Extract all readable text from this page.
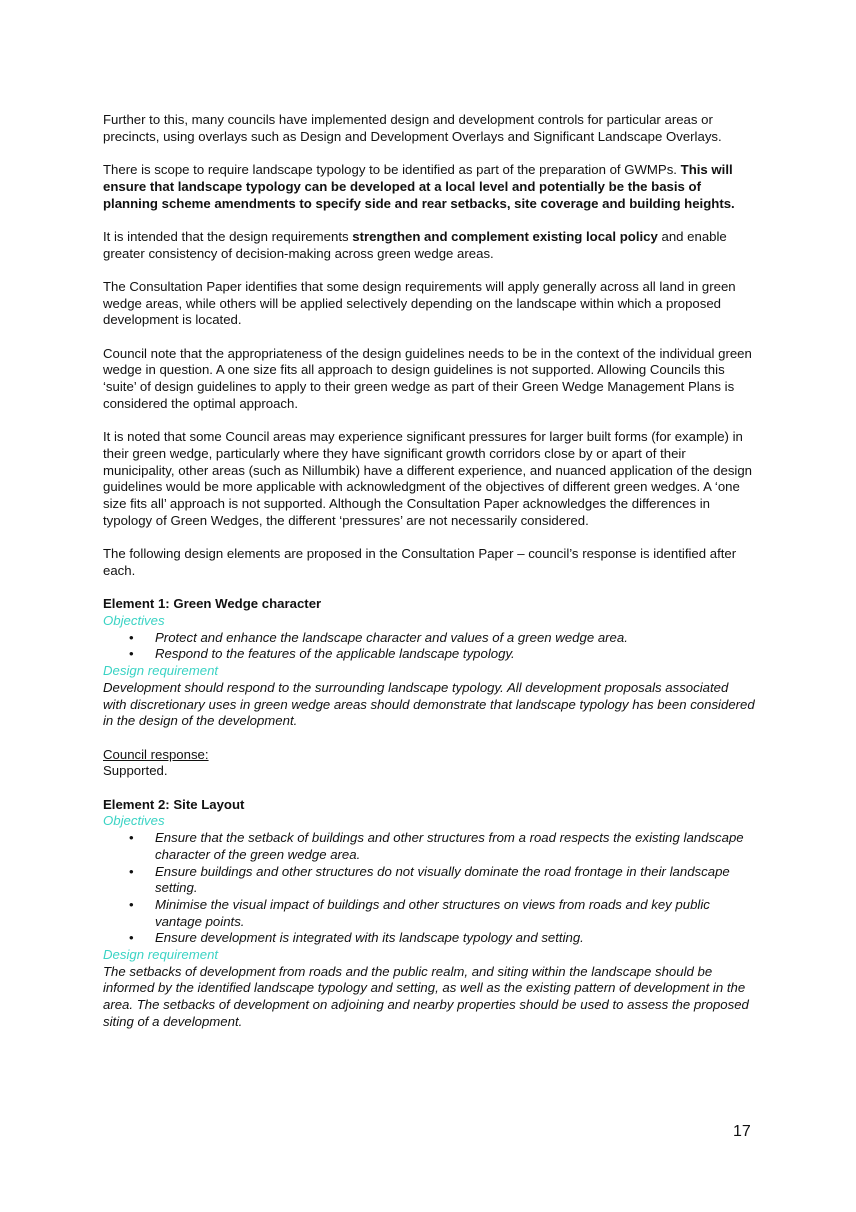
Further to this, many councils have implemented design and development controls for particular areas or precincts, using overlays such as Design and Development Overlays and Significant Landscape Overlays.

There is scope to require landscape typology to be identified as part of the preparation of GWMPs. This will ensure that landscape typology can be developed at a local level and potentially be the basis of planning scheme amendments to specify side and rear setbacks, site coverage and building heights.

It is intended that the design requirements strengthen and complement existing local policy and enable greater consistency of decision-making across green wedge areas.

The Consultation Paper identifies that some design requirements will apply generally across all land in green wedge areas, while others will be applied selectively depending on the landscape within which a proposed development is located.

Council note that the appropriateness of the design guidelines needs to be in the context of the individual green wedge in question. A one size fits all approach to design guidelines is not supported. Allowing Councils this ‘suite’ of design guidelines to apply to their green wedge as part of their Green Wedge Management Plans is considered the optimal approach.

It is noted that some Council areas may experience significant pressures for larger built forms (for example) in their green wedge, particularly where they have significant growth corridors close by or apart of their municipality, other areas (such as Nillumbik) have a different experience, and nuanced application of the design guidelines would be more applicable with acknowledgment of the objectives of different green wedges. A ‘one size fits all’ approach is not supported. Although the Consultation Paper acknowledges the differences in typology of Green Wedges, the different ‘pressures’ are not necessarily considered.

The following design elements are proposed in the Consultation Paper – council’s response is identified after each.

Element 1: Green Wedge character
Objectives
• Protect and enhance the landscape character and values of a green wedge area.
• Respond to the features of the applicable landscape typology.
Design requirement

Development should respond to the surrounding landscape typology. All development proposals associated with discretionary uses in green wedge areas should demonstrate that landscape typology has been considered in the design of the development.

Council response:

Supported.

Element 2: Site Layout
Objectives
• Ensure that the setback of buildings and other structures from a road respects the existing landscape character of the green wedge area.
• Ensure buildings and other structures do not visually dominate the road frontage in their landscape setting.
• Minimise the visual impact of buildings and other structures on views from roads and key public vantage points.
• Ensure development is integrated with its landscape typology and setting.
Design requirement

The setbacks of development from roads and the public realm, and siting within the landscape should be informed by the identified landscape typology and setting, as well as the existing pattern of development in the area. The setbacks of development on adjoining and nearby properties should be used to assess the proposed siting of a development.

17
